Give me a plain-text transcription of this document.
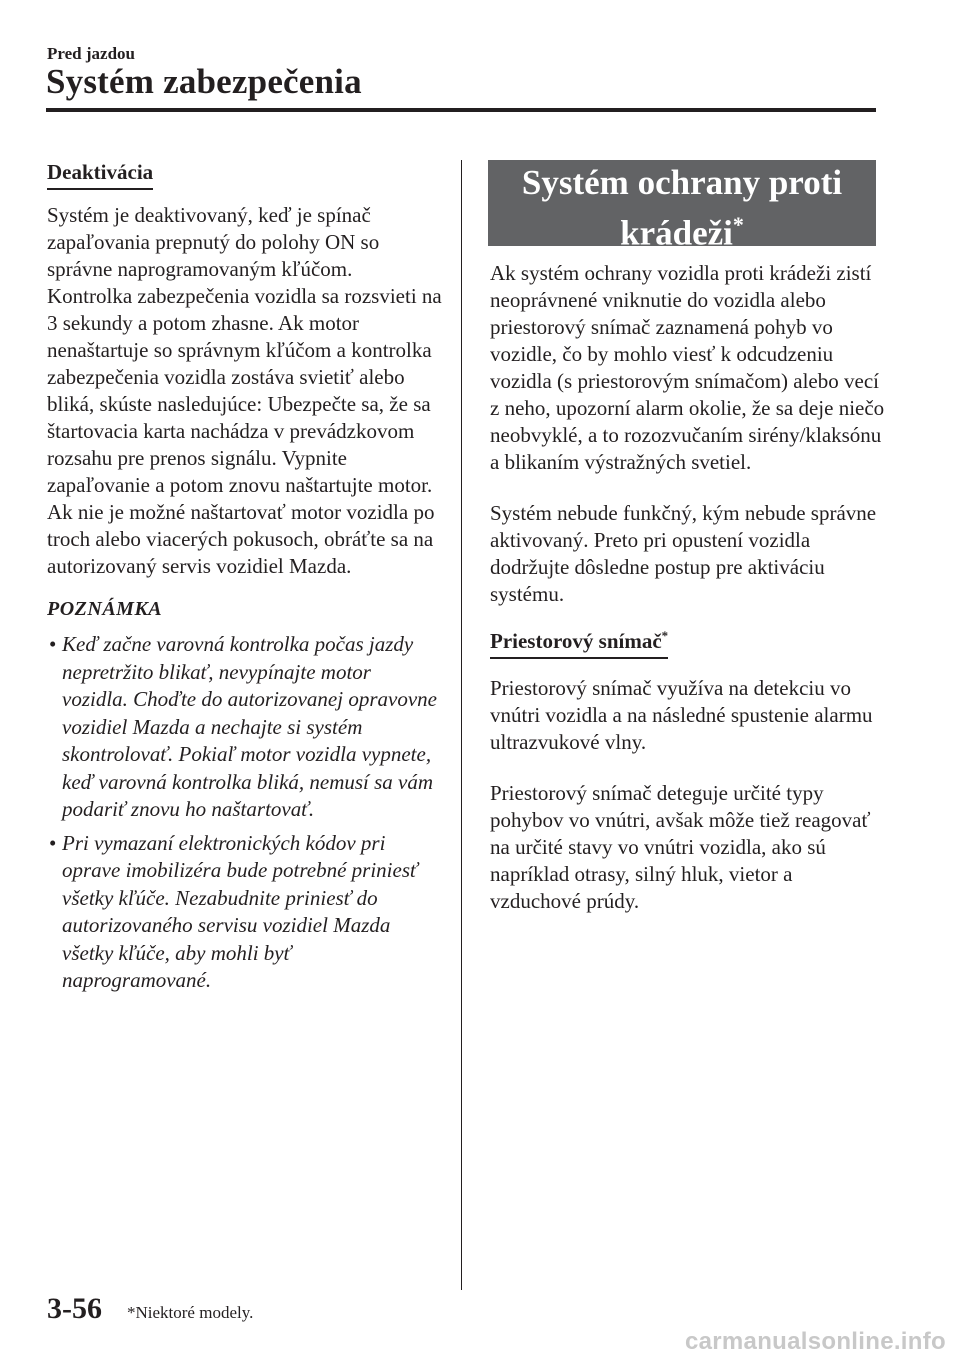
Pred jazdou
Systém zabezpečenia
Deaktivácia

Systém je deaktivovaný, keď je spínač zapaľovania prepnutý do polohy ON so správne naprogramovaným kľúčom. Kontrolka zabezpečenia vozidla sa rozsvieti na 3 sekundy a potom zhasne. Ak motor nenaštartuje so správnym kľúčom a kontrolka zabezpečenia vozidla zostáva svietiť alebo bliká, skúste nasledujúce: Ubezpečte sa, že sa štartovacia karta nachádza v prevádzkovom rozsahu pre prenos signálu. Vypnite zapaľovanie a potom znovu naštartujte motor. Ak nie je možné naštartovať motor vozidla po troch alebo viacerých pokusoch, obráťte sa na autorizovaný servis vozidiel Mazda.

POZNÁMKA
• Keď začne varovná kontrolka počas jazdy nepretržito blikať, nevypínajte motor vozidla. Choďte do autorizovanej opravovne vozidiel Mazda a nechajte si systém skontrolovať. Pokiaľ motor vozidla vypnete, keď varovná kontrolka bliká, nemusí sa vám podariť znovu ho naštartovať.
• Pri vymazaní elektronických kódov pri oprave imobilizéra bude potrebné priniesť všetky kľúče. Nezabudnite priniesť do autorizovaného servisu vozidiel Mazda všetky kľúče, aby mohli byť naprogramované.
Systém ochrany proti
krádeži*

Ak systém ochrany vozidla proti krádeži zistí neoprávnené vniknutie do vozidla alebo priestorový snímač zaznamená pohyb vo vozidle, čo by mohlo viesť k odcudzeniu vozidla (s priestorovým snímačom) alebo vecí z neho, upozorní alarm okolie, že sa deje niečo neobvyklé, a to rozozvučaním sirény/klaksónu a blikaním výstražných svetiel.

Systém nebude funkčný, kým nebude správne aktivovaný. Preto pri opustení vozidla dodržujte dôsledne postup pre aktiváciu systému.

Priestorový snímač*

Priestorový snímač využíva na detekciu vo vnútri vozidla a na následné spustenie alarmu ultrazvukové vlny.

Priestorový snímač deteguje určité typy pohybov vo vnútri, avšak môže tiež reagovať na určité stavy vo vnútri vozidla, ako sú napríklad otrasy, silný hluk, vietor a vzduchové prúdy.

3-56 *Niektoré modely.
carmanualsonline.info
